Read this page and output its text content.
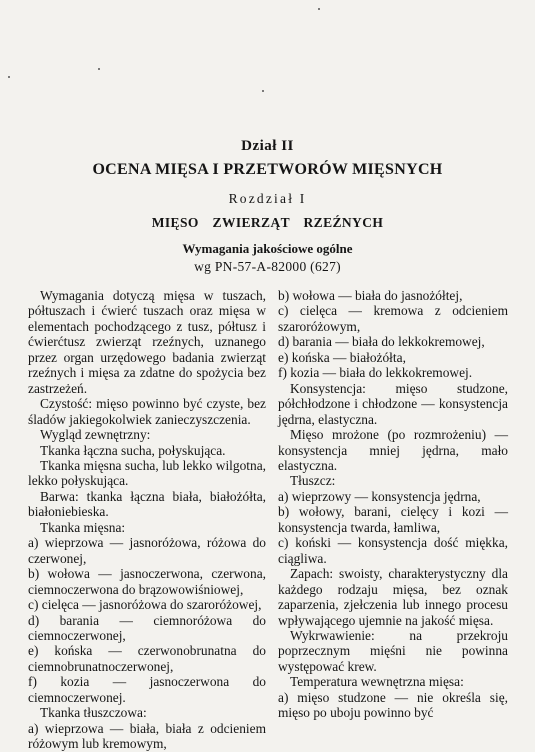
Dział II
OCENA MIĘSA I PRZETWORÓW MIĘSNYCH
Rozdział I
MIĘSO ZWIERZĄT RZEŹNYCH
Wymagania jakościowe ogólne
wg PN-57-A-82000 (627)

Wymagania dotyczą mięsa w tuszach, półtuszach i ćwierć tuszach oraz mięsa w elementach pochodzącego z tusz, półtusz i ćwierćtusz zwierząt rzeźnych, uznanego przez organ urzędowego badania zwierząt rzeźnych i mięsa za zdatne do spożycia bez zastrzeżeń.

Czystość: mięso powinno być czyste, bez śladów jakiegokolwiek zanieczyszczenia.

Wygląd zewnętrzny:

Tkanka łączna sucha, połyskująca.

Tkanka mięsna sucha, lub lekko wilgotna, lekko połyskująca.

Barwa: tkanka łączna biała, białożółta, białoniebieska.

Tkanka mięsna:

a) wieprzowa — jasnoróżowa, różowa do czerwonej,

b) wołowa — jasnoczerwona, czerwona, ciemnoczerwona do brązowowiśniowej,

c) cielęca — jasnoróżowa do szaroróżowej,

d) barania — ciemnoróżowa do ciemnoczerwonej,

e) końska — czerwonobrunatna do ciemnobrunatnoczerwonej,

f) kozia — jasnoczerwona do ciemnoczerwonej.

Tkanka tłuszczowa:

a) wieprzowa — biała, biała z odcieniem różowym lub kremowym,

b) wołowa — biała do jasnożółtej,

c) cielęca — kremowa z odcieniem szaroróżowym,

d) barania — biała do lekkokremowej,

e) końska — białożółta,

f) kozia — biała do lekkokremowej.

Konsystencja: mięso studzone, półchłodzone i chłodzone — konsystencja jędrna, elastyczna.

Mięso mrożone (po rozmrożeniu) — konsystencja mniej jędrna, mało elastyczna.

Tłuszcz:

a) wieprzowy — konsystencja jędrna,

b) wołowy, barani, cielęcy i kozi — konsystencja twarda, łamliwa,

c) koński — konsystencja dość miękka, ciągliwa.

Zapach: swoisty, charakterystyczny dla każdego rodzaju mięsa, bez oznak zaparzenia, zjełczenia lub innego procesu wpływającego ujemnie na jakość mięsa.

Wykrwawienie: na przekroju poprzecznym mięśni nie powinna występować krew.

Temperatura wewnętrzna mięsa:

a) mięso studzone — nie określa się, mięso po uboju powinno być
